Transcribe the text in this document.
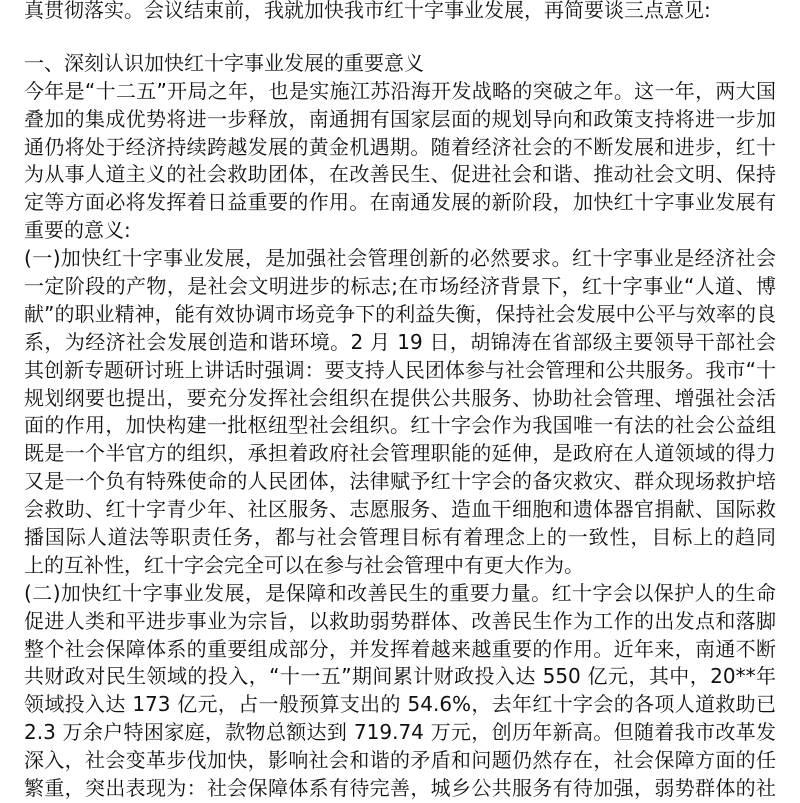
真贯彻落实。会议结束前，我就加快我市红十字事业发展，再简要谈三点意见:
一、深刻认识加快红十字事业发展的重要意义
今年是“十二五”开局之年，也是实施江苏沿海开发战略的突破之年。这一年，两大国
叠加的集成优势将进一步释放，南通拥有国家层面的规划导向和政策支持将进一步加
通仍将处于经济持续跨越发展的黄金机遇期。随着经济社会的不断发展和进步，红十
为从事人道主义的社会救助团体，在改善民生、促进社会和谐、推动社会文明、保持
定等方面必将发挥着日益重要的作用。在南通发展的新阶段，加快红十字事业发展有
重要的意义:
(一)加快红十字事业发展，是加强社会管理创新的必然要求。红十字事业是经济社会
一定阶段的产物，是社会文明进步的标志;在市场经济背景下，红十字事业“人道、博
献”的职业精神，能有效协调市场竞争下的利益失衡，保持社会发展中公平与效率的良
系，为经济社会发展创造和谐环境。2 月 19 日，胡锦涛在省部级主要领导干部社会
其创新专题研讨班上讲话时强调：要支持人民团体参与社会管理和公共服务。我市“十
规划纲要也提出，要充分发挥社会组织在提供公共服务、协助社会管理、增强社会活
面的作用，加快构建一批枢纽型社会组织。红十字会作为我国唯一有法的社会公益组
既是一个半官方的组织，承担着政府社会管理职能的延伸，是政府在人道领域的得力
又是一个负有特殊使命的人民团体，法律赋予红十字会的备灾救灾、群众现场救护培
会救助、红十字青少年、社区服务、志愿服务、造血干细胞和遗体器官捐献、国际救
播国际人道法等职责任务，都与社会管理目标有着理念上的一致性，目标上的趋同
上的互补性，红十字会完全可以在参与社会管理中有更大作为。
(二)加快红十字事业发展，是保障和改善民生的重要力量。红十字会以保护人的生命
促进人类和平进步事业为宗旨，以救助弱势群体、改善民生作为工作的出发点和落脚
整个社会保障体系的重要组成部分，并发挥着越来越重要的作用。近年来，南通不断
共财政对民生领域的投入，“十一五”期间累计财政投入达 550 亿元，其中，20**年
领域投入达 173 亿元，占一般预算支出的 54.6%，去年红十字会的各项人道救助已
2.3 万余户特困家庭，款物总额达到 719.74 万元，创历年新高。但随着我市改革发
深入，社会变革步伐加快，影响社会和谐的矛盾和问题仍然存在，社会保障方面的任
繁重，突出表现为：社会保障体系有待完善，城乡公共服务有待加强，弱势群体的社
